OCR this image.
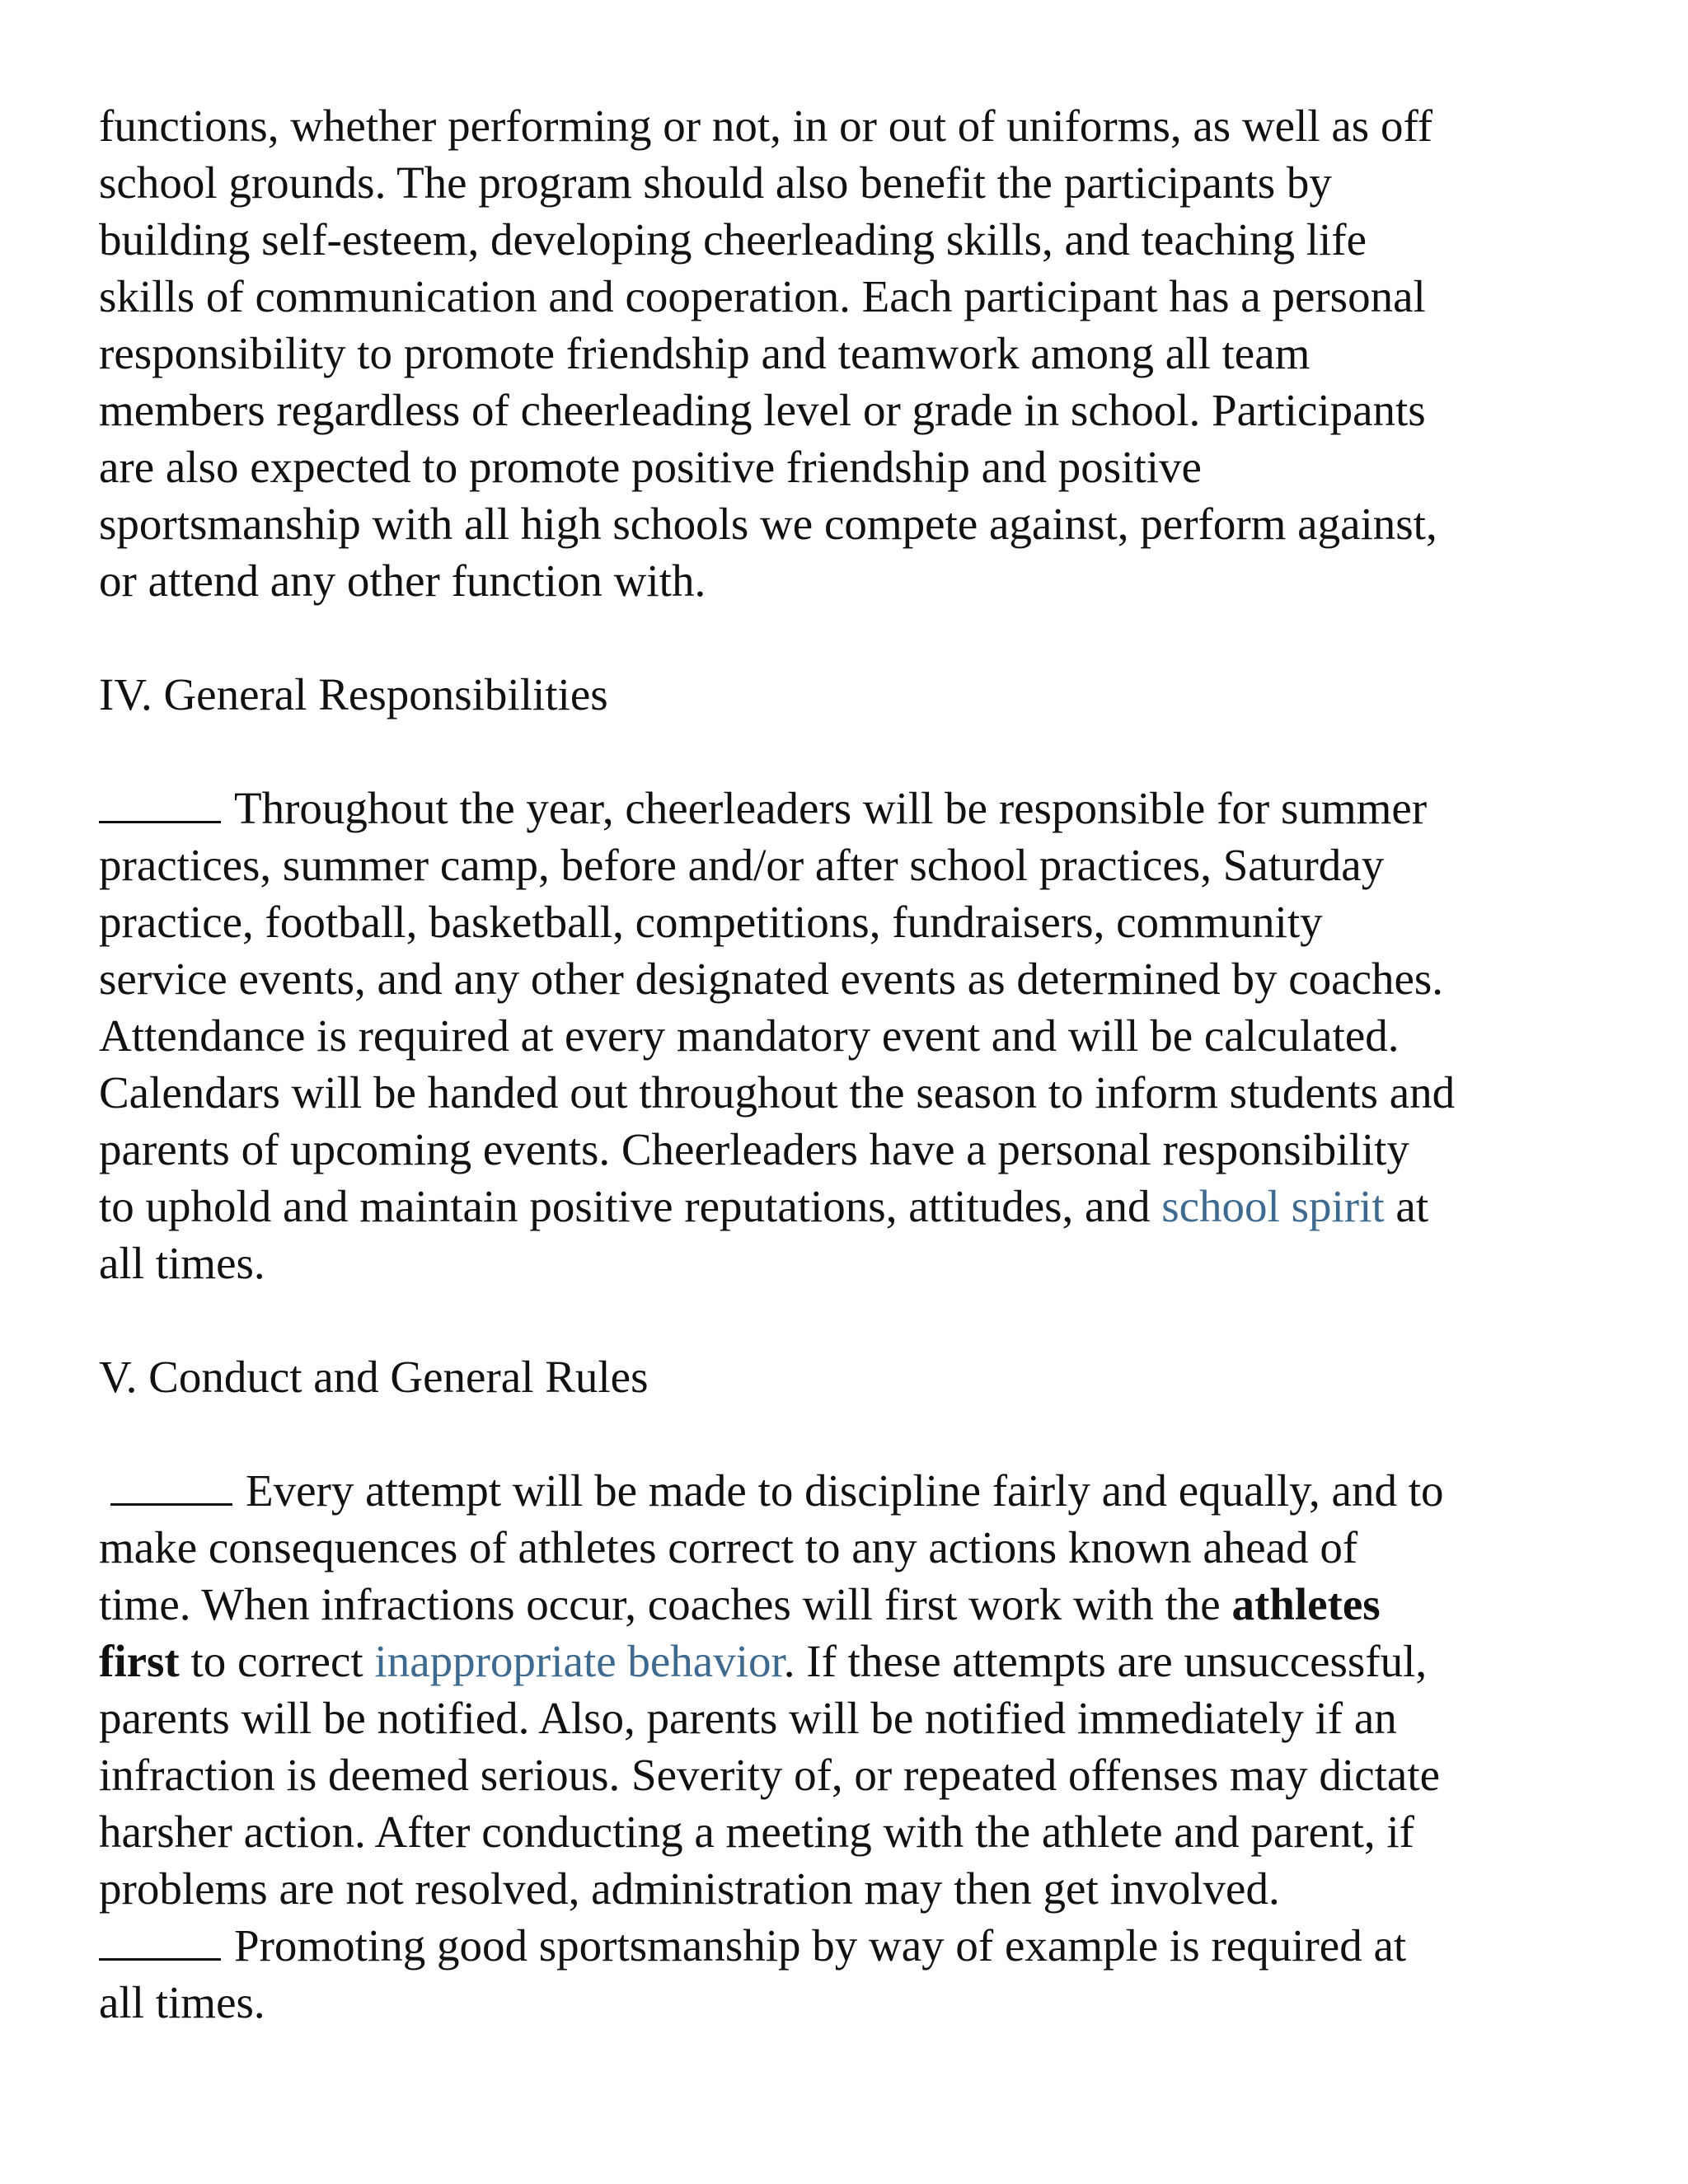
functions, whether performing or not, in or out of uniforms, as well as off
school grounds. The program should also benefit the participants by
building self-esteem, developing cheerleading skills, and teaching life
skills of communication and cooperation. Each participant has a personal
responsibility to promote friendship and teamwork among all team
members regardless of cheerleading level or grade in school. Participants
are also expected to promote positive friendship and positive
sportsmanship with all high schools we compete against, perform against,
or attend any other function with.
IV. General Responsibilities
Throughout the year, cheerleaders will be responsible for summer
practices, summer camp, before and/or after school practices, Saturday
practice, football, basketball, competitions, fundraisers, community
service events, and any other designated events as determined by coaches.
Attendance is required at every mandatory event and will be calculated.
Calendars will be handed out throughout the season to inform students and
parents of upcoming events. Cheerleaders have a personal responsibility
to uphold and maintain positive reputations, attitudes, and school spirit at
all times.
V. Conduct and General Rules
Every attempt will be made to discipline fairly and equally, and to
make consequences of athletes correct to any actions known ahead of
time. When infractions occur, coaches will first work with the athletes
first to correct inappropriate behavior. If these attempts are unsuccessful,
parents will be notified. Also, parents will be notified immediately if an
infraction is deemed serious. Severity of, or repeated offenses may dictate
harsher action. After conducting a meeting with the athlete and parent, if
problems are not resolved, administration may then get involved.
Promoting good sportsmanship by way of example is required at
all times.
